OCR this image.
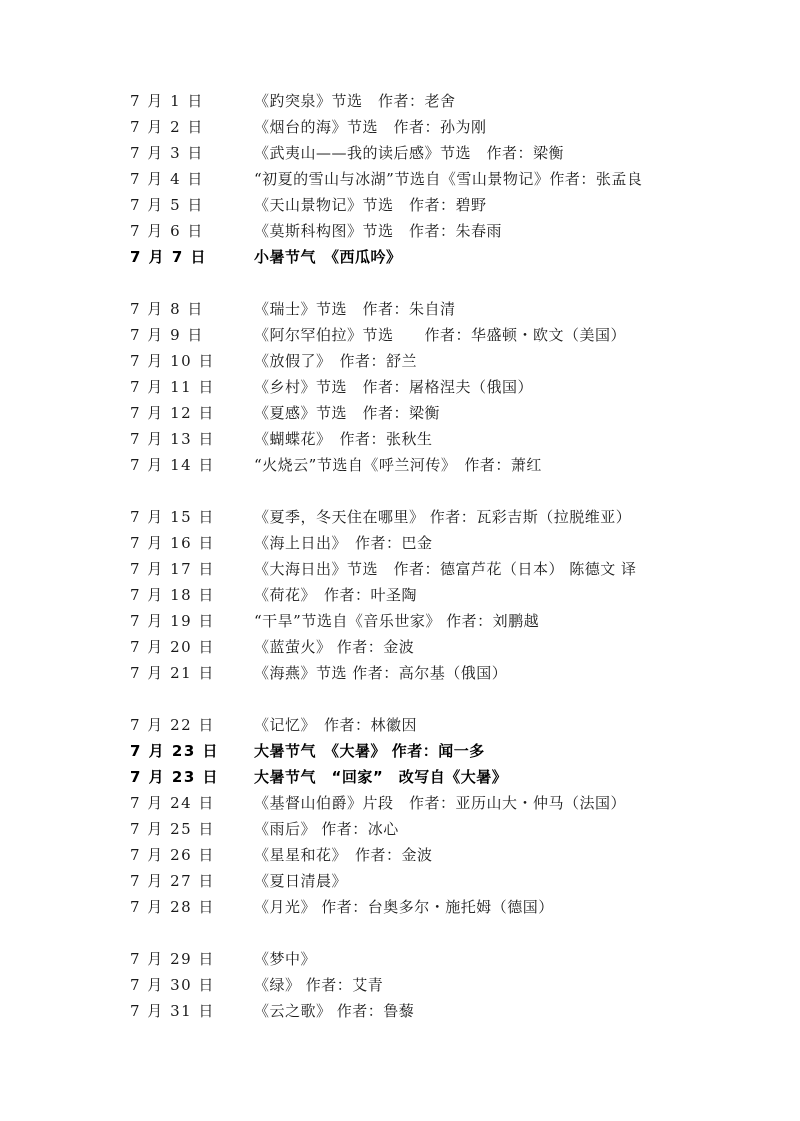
7 月 1 日	《趵突泉》节选　作者：老舍
7 月 2 日	《烟台的海》节选　作者：孙为刚
7 月 3 日	《武夷山——我的读后感》节选　作者：梁衡
7 月 4 日	“初夏的雪山与冰湖”节选自《雪山景物记》作者：张孟良
7 月 5 日	《天山景物记》节选　作者：碧野
7 月 6 日	《莫斯科构图》节选　作者：朱春雨
7 月 7 日	小暑节气　《西瓜吟》
7 月 8 日	《瑞士》节选　作者：朱自清
7 月 9 日	《阿尔罕伯拉》节选　　作者：华盛顿・欧文（美国）
7 月 10 日	《放假了》　作者：舒兰
7 月 11 日	《乡村》节选　作者：屠格涅夫（俄国）
7 月 12 日	《夏感》节选　作者：梁衡
7 月 13 日	《蝴蝶花》　作者：张秋生
7 月 14 日	“火烧云”节选自《呼兰河传》　作者：萧红
7 月 15 日	《夏季，冬天住在哪里》 作者：瓦彩吉斯（拉脱维亚）
7 月 16 日	《海上日出》　作者：巴金
7 月 17 日	《大海日出》节选　作者：德富芦花（日本） 陈德文 译
7 月 18 日	《荷花》　作者：叶圣陶
7 月 19 日	“干旱”节选自《音乐世家》 作者：刘鹏越
7 月 20 日	《蓝萤火》 作者：金波
7 月 21 日	《海燕》节选 作者：高尔基（俄国）
7 月 22 日	《记忆》　作者：林徽因
7 月 23 日	大暑节气　《大暑》 作者：闻一多
7 月 23 日	大暑节气　“回家”　改写自《大暑》
7 月 24 日	《基督山伯爵》片段　作者：亚历山大・仲马（法国）
7 月 25 日	《雨后》 作者：冰心
7 月 26 日	《星星和花》　作者：金波
7 月 27 日	《夏日清晨》
7 月 28 日	《月光》 作者：台奥多尔・施托姆（德国）
7 月 29 日	《梦中》
7 月 30 日	《绿》 作者：艾青
7 月 31 日	《云之歌》 作者：鲁藜
